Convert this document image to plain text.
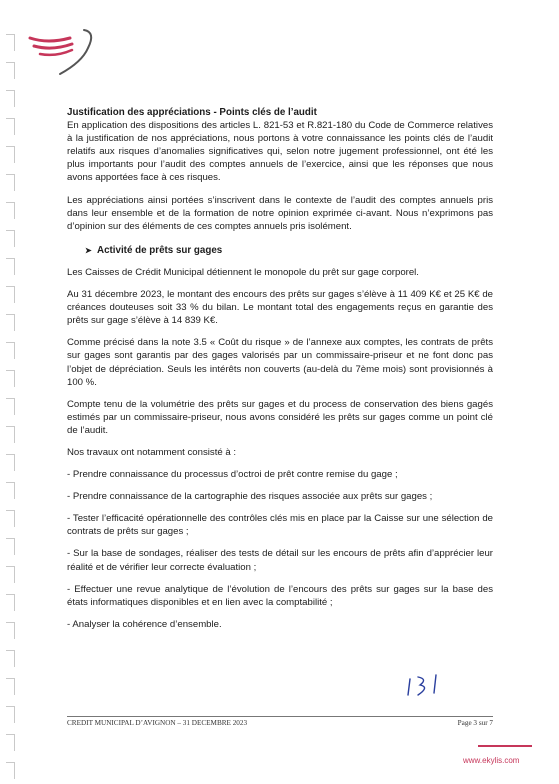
Justification des appréciations - Points clés de l’audit

En application des dispositions des articles L. 821-53 et R.821-180 du Code de Commerce relatives à la justification de nos appréciations, nous portons à votre connaissance les points clés de l’audit relatifs aux risques d’anomalies significatives qui, selon notre jugement professionnel, ont été les plus importants pour l’audit des comptes annuels de l’exercice, ainsi que les réponses que nous avons apportées face à ces risques.

Les appréciations ainsi portées s’inscrivent dans le contexte de l’audit des comptes annuels pris dans leur ensemble et de la formation de notre opinion exprimée ci-avant. Nous n’exprimons pas d’opinion sur des éléments de ces comptes annuels pris isolément.

➤ Activité de prêts sur gages

Les Caisses de Crédit Municipal détiennent le monopole du prêt sur gage corporel.

Au 31 décembre 2023, le montant des encours des prêts sur gages s’élève à 11 409 K€ et 25 K€ de créances douteuses soit 33 % du bilan. Le montant total des engagements reçus en garantie des prêts sur gage s’élève à 14 839 K€.

Comme précisé dans la note 3.5 « Coût du risque » de l’annexe aux comptes, les contrats de prêts sur gages sont garantis par des gages valorisés par un commissaire-priseur et ne font donc pas l’objet de dépréciation. Seuls les intérêts non couverts (au-delà du 7ème mois) sont provisionnés à 100 %.

Compte tenu de la volumétrie des prêts sur gages et du process de conservation des biens gagés estimés par un commissaire-priseur, nous avons considéré les prêts sur gages comme un point clé de l’audit.

Nos travaux ont notamment consisté à :

- Prendre connaissance du processus d’octroi de prêt contre remise du gage ;
- Prendre connaissance de la cartographie des risques associée aux prêts sur gages ;
- Tester l’efficacité opérationnelle des contrôles clés mis en place par la Caisse sur une sélection de contrats de prêts sur gages ;
- Sur la base de sondages, réaliser des tests de détail sur les encours de prêts afin d’apprécier leur réalité et de vérifier leur correcte évaluation ;
- Effectuer une revue analytique de l’évolution de l’encours des prêts sur gages sur la base des états informatiques disponibles et en lien avec la comptabilité ;
- Analyser la cohérence d’ensemble.
CREDIT MUNICIPAL D’AVIGNON – 31 DECEMBRE 2023	Page 3 sur 7
www.ekylis.com
